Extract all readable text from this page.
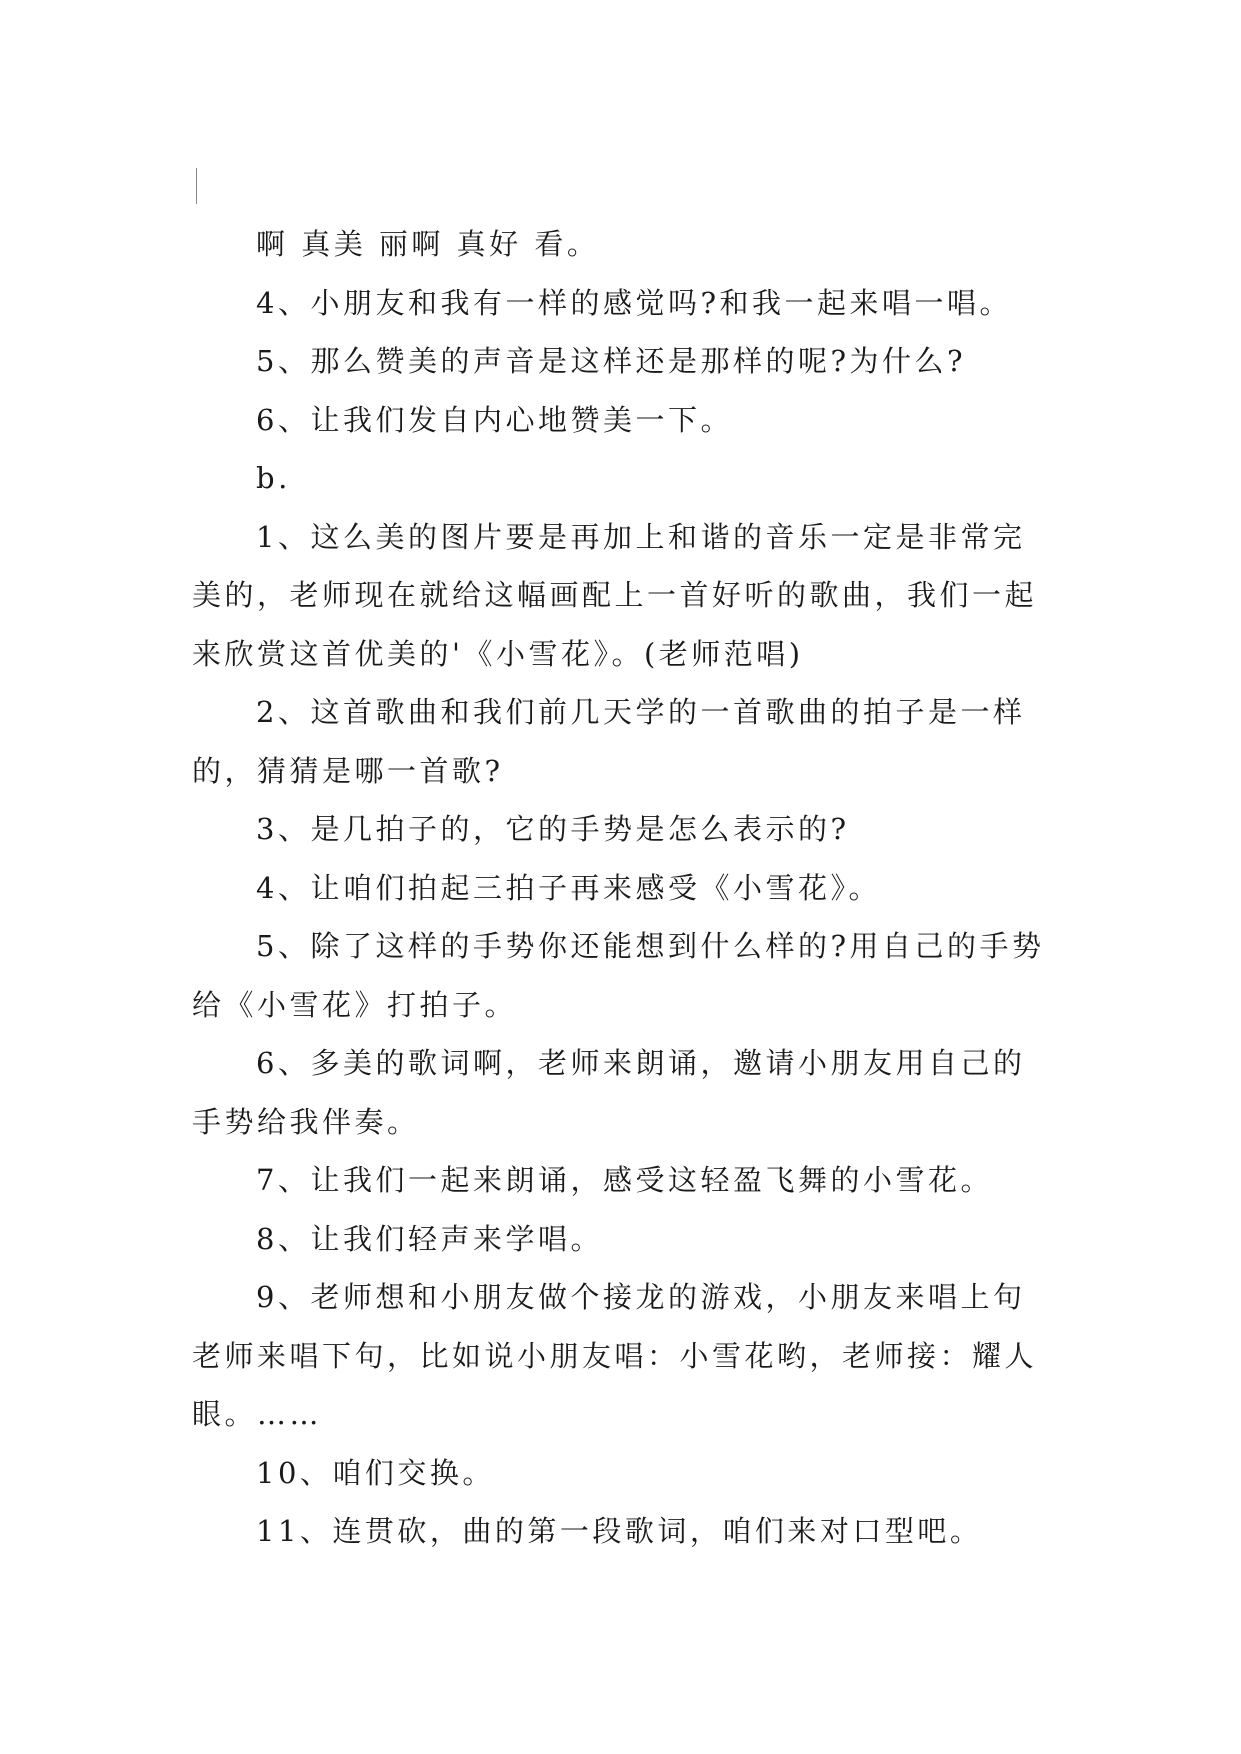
啊 真美 丽啊 真好 看。

4、小朋友和我有一样的感觉吗?和我一起来唱一唱。

5、那么赞美的声音是这样还是那样的呢?为什么?

6、让我们发自内心地赞美一下。

b.

1、这么美的图片要是再加上和谐的音乐一定是非常完美的，老师现在就给这幅画配上一首好听的歌曲，我们一起来欣赏这首优美的'《小雪花》。(老师范唱)

2、这首歌曲和我们前几天学的一首歌曲的拍子是一样的，猜猜是哪一首歌?

3、是几拍子的，它的手势是怎么表示的?

4、让咱们拍起三拍子再来感受《小雪花》。

5、除了这样的手势你还能想到什么样的?用自己的手势给《小雪花》打拍子。

6、多美的歌词啊，老师来朗诵，邀请小朋友用自己的手势给我伴奏。

7、让我们一起来朗诵，感受这轻盈飞舞的小雪花。

8、让我们轻声来学唱。

9、老师想和小朋友做个接龙的游戏，小朋友来唱上句老师来唱下句，比如说小朋友唱：小雪花哟，老师接：耀人眼。……

10、咱们交换。

11、连贯砍，曲的第一段歌词，咱们来对口型吧。
